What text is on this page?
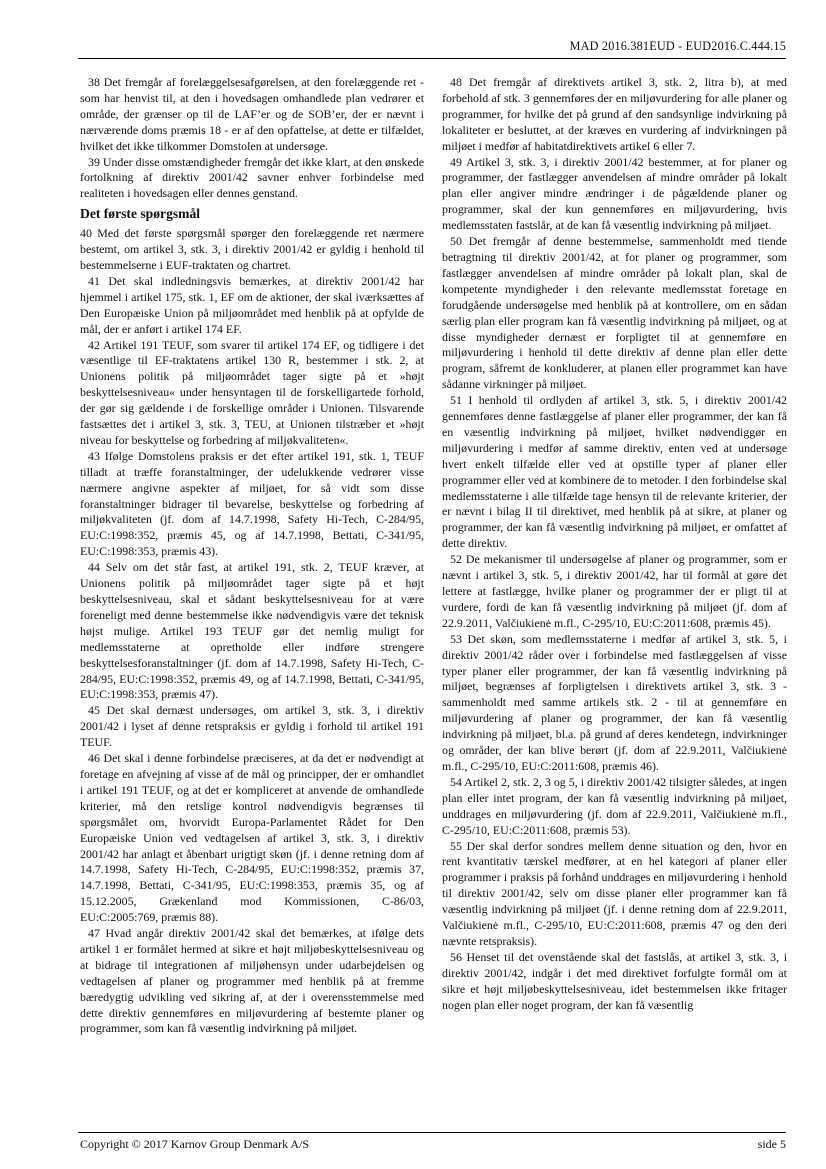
MAD 2016.381EUD - EUD2016.C.444.15

38 Det fremgår af forelæggelsesafgørelsen, at den forelæggende ret - som har henvist til, at den i hovedsagen omhandlede plan vedrører et område, der grænser op til de LAF’er og de SOB’er, der er nævnt i nærværende doms præmis 18 - er af den opfattelse, at dette er tilfældet, hvilket det ikke tilkommer Domstolen at undersøge.

39 Under disse omstændigheder fremgår det ikke klart, at den ønskede fortolkning af direktiv 2001/42 savner enhver forbindelse med realiteten i hovedsagen eller dennes genstand.

Det første spørgsmål

40 Med det første spørgsmål spørger den forelæggende ret nærmere bestemt, om artikel 3, stk. 3, i direktiv 2001/42 er gyldig i henhold til bestemmelserne i EUF-traktaten og chartret.

41 Det skal indledningsvis bemærkes, at direktiv 2001/42 har hjemmel i artikel 175, stk. 1, EF om de aktioner, der skal iværksættes af Den Europæiske Union på miljøområdet med henblik på at opfylde de mål, der er anført i artikel 174 EF.

42 Artikel 191 TEUF, som svarer til artikel 174 EF, og tidligere i det væsentlige til EF-traktatens artikel 130 R, bestemmer i stk. 2, at Unionens politik på miljøområdet tager sigte på et »højt beskyttelsesniveau« under hensyntagen til de forskelligartede forhold, der gør sig gældende i de forskellige områder i Unionen. Tilsvarende fastsættes det i artikel 3, stk. 3, TEU, at Unionen tilstræber et »højt niveau for beskyttelse og forbedring af miljøkvaliteten«.

43 Ifølge Domstolens praksis er det efter artikel 191, stk. 1, TEUF tilladt at træffe foranstaltninger, der udelukkende vedrører visse nærmere angivne aspekter af miljøet, for så vidt som disse foranstaltninger bidrager til bevarelse, beskyttelse og forbedring af miljøkvaliteten (jf. dom af 14.7.1998, Safety Hi-Tech, C-284/95, EU:C:1998:352, præmis 45, og af 14.7.1998, Bettati, C-341/95, EU:C:1998:353, præmis 43).

44 Selv om det står fast, at artikel 191, stk. 2, TEUF kræver, at Unionens politik på miljøområdet tager sigte på et højt beskyttelsesniveau, skal et sådant beskyttelsesniveau for at være foreneligt med denne bestemmelse ikke nødvendigvis være det teknisk højst mulige. Artikel 193 TEUF gør det nemlig muligt for medlemsstaterne at opretholde eller indføre strengere beskyttelsesforanstaltninger (jf. dom af 14.7.1998, Safety Hi-Tech, C-284/95, EU:C:1998:352, præmis 49, og af 14.7.1998, Bettati, C-341/95, EU:C:1998:353, præmis 47).

45 Det skal dernæst undersøges, om artikel 3, stk. 3, i direktiv 2001/42 i lyset af denne retspraksis er gyldig i forhold til artikel 191 TEUF.

46 Det skal i denne forbindelse præciseres, at da det er nødvendigt at foretage en afvejning af visse af de mål og principper, der er omhandlet i artikel 191 TEUF, og at det er kompliceret at anvende de omhandlede kriterier, må den retslige kontrol nødvendigvis begrænses til spørgsmålet om, hvorvidt Europa-Parlamentet Rådet for Den Europæiske Union ved vedtagelsen af artikel 3, stk. 3, i direktiv 2001/42 har anlagt et åbenbart urigtigt skøn (jf. i denne retning dom af 14.7.1998, Safety Hi-Tech, C-284/95, EU:C:1998:352, præmis 37, 14.7.1998, Bettati, C-341/95, EU:C:1998:353, præmis 35, og af 15.12.2005, Grækenland mod Kommissionen, C-86/03, EU:C:2005:769, præmis 88).

47 Hvad angår direktiv 2001/42 skal det bemærkes, at ifølge dets artikel 1 er formålet hermed at sikre et højt miljøbeskyttelsesniveau og at bidrage til integrationen af miljøhensyn under udarbejdelsen og vedtagelsen af planer og programmer med henblik på at fremme bæredygtig udvikling ved sikring af, at der i overensstemmelse med dette direktiv gennemføres en miljøvurdering af bestemte planer og programmer, som kan få væsentlig indvirkning på miljøet.

48 Det fremgår af direktivets artikel 3, stk. 2, litra b), at med forbehold af stk. 3 gennemføres der en miljøvurdering for alle planer og programmer, for hvilke det på grund af den sandsynlige indvirkning på lokaliteter er besluttet, at der kræves en vurdering af indvirkningen på miljøet i medfør af habitatdirektivets artikel 6 eller 7.

49 Artikel 3, stk. 3, i direktiv 2001/42 bestemmer, at for planer og programmer, der fastlægger anvendelsen af mindre områder på lokalt plan eller angiver mindre ændringer i de pågældende planer og programmer, skal der kun gennemføres en miljøvurdering, hvis medlemsstaten fastslår, at de kan få væsentlig indvirkning på miljøet.

50 Det fremgår af denne bestemmelse, sammenholdt med tiende betragtning til direktiv 2001/42, at for planer og programmer, som fastlægger anvendelsen af mindre områder på lokalt plan, skal de kompetente myndigheder i den relevante medlemsstat foretage en forudgående undersøgelse med henblik på at kontrollere, om en sådan særlig plan eller program kan få væsentlig indvirkning på miljøet, og at disse myndigheder dernæst er forpligtet til at gennemføre en miljøvurdering i henhold til dette direktiv af denne plan eller dette program, såfremt de konkluderer, at planen eller programmet kan have sådanne virkninger på miljøet.

51 I henhold til ordlyden af artikel 3, stk. 5, i direktiv 2001/42 gennemføres denne fastlæggelse af planer eller programmer, der kan få en væsentlig indvirkning på miljøet, hvilket nødvendiggør en miljøvurdering i medfør af samme direktiv, enten ved at undersøge hvert enkelt tilfælde eller ved at opstille typer af planer eller programmer eller ved at kombinere de to metoder. I den forbindelse skal medlemsstaterne i alle tilfælde tage hensyn til de relevante kriterier, der er nævnt i bilag II til direktivet, med henblik på at sikre, at planer og programmer, der kan få væsentlig indvirkning på miljøet, er omfattet af dette direktiv.

52 De mekanismer til undersøgelse af planer og programmer, som er nævnt i artikel 3, stk. 5, i direktiv 2001/42, har til formål at gøre det lettere at fastlægge, hvilke planer og programmer der er pligt til at vurdere, fordi de kan få væsentlig indvirkning på miljøet (jf. dom af 22.9.2011, Valčiukienė m.fl., C-295/10, EU:C:2011:608, præmis 45).

53 Det skøn, som medlemsstaterne i medfør af artikel 3, stk. 5, i direktiv 2001/42 råder over i forbindelse med fastlæggelsen af visse typer planer eller programmer, der kan få væsentlig indvirkning på miljøet, begrænses af forpligtelsen i direktivets artikel 3, stk. 3 - sammenholdt med samme artikels stk. 2 - til at gennemføre en miljøvurdering af planer og programmer, der kan få væsentlig indvirkning på miljøet, bl.a. på grund af deres kendetegn, indvirkninger og områder, der kan blive berørt (jf. dom af 22.9.2011, Valčiukienė m.fl., C-295/10, EU:C:2011:608, præmis 46).

54 Artikel 2, stk. 2, 3 og 5, i direktiv 2001/42 tilsigter således, at ingen plan eller intet program, der kan få væsentlig indvirkning på miljøet, unddrages en miljøvurdering (jf. dom af 22.9.2011, Valčiukienė m.fl., C-295/10, EU:C:2011:608, præmis 53).

55 Der skal derfor sondres mellem denne situation og den, hvor en rent kvantitativ tærskel medfører, at en hel kategori af planer eller programmer i praksis på forhånd unddrages en miljøvurdering i henhold til direktiv 2001/42, selv om disse planer eller programmer kan få væsentlig indvirkning på miljøet (jf. i denne retning dom af 22.9.2011, Valčiukienė m.fl., C-295/10, EU:C:2011:608, præmis 47 og den deri nævnte retspraksis).

56 Henset til det ovenstående skal det fastslås, at artikel 3, stk. 3, i direktiv 2001/42, indgår i det med direktivet forfulgte formål om at sikre et højt miljøbeskyttelsesniveau, idet bestemmelsen ikke fritager nogen plan eller noget program, der kan få væsentlig

Copyright © 2017 Karnov Group Denmark A/S	side 5
